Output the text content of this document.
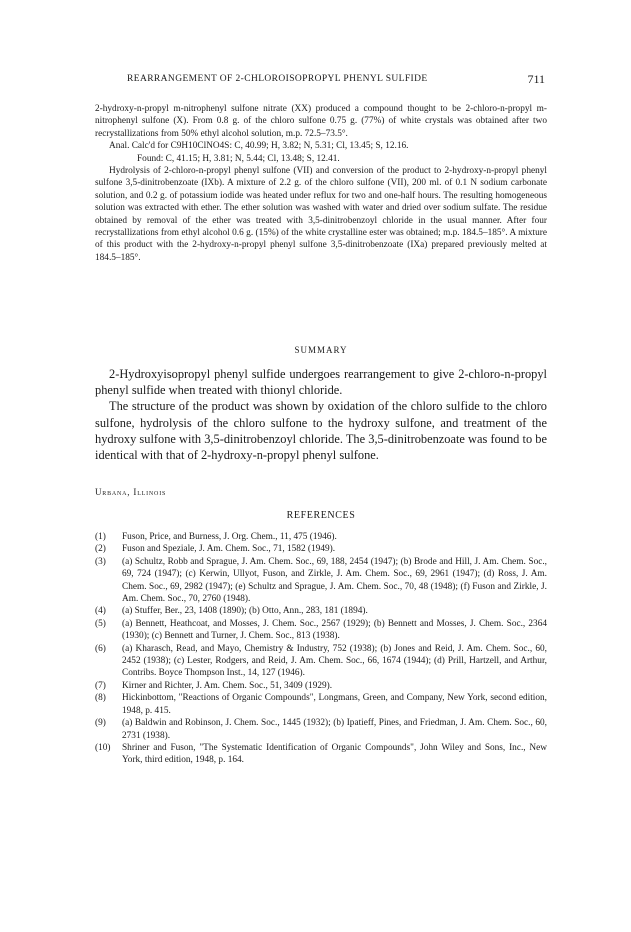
REARRANGEMENT OF 2-CHLOROISOPROPYL PHENYL SULFIDE	711

2-hydroxy-n-propyl m-nitrophenyl sulfone nitrate (XX) produced a compound thought to be 2-chloro-n-propyl m-nitrophenyl sulfone (X). From 0.8 g. of the chloro sulfone 0.75 g. (77%) of white crystals was obtained after two recrystallizations from 50% ethyl alcohol solution, m.p. 72.5–73.5°.

Anal. Calc'd for C9H10ClNO4S: C, 40.99; H, 3.82; N, 5.31; Cl, 13.45; S, 12.16.

Found: C, 41.15; H, 3.81; N, 5.44; Cl, 13.48; S, 12.41.

Hydrolysis of 2-chloro-n-propyl phenyl sulfone (VII) and conversion of the product to 2-hydroxy-n-propyl phenyl sulfone 3,5-dinitrobenzoate (IXb). A mixture of 2.2 g. of the chloro sulfone (VII), 200 ml. of 0.1 N sodium carbonate solution, and 0.2 g. of potassium iodide was heated under reflux for two and one-half hours. The resulting homogeneous solution was extracted with ether. The ether solution was washed with water and dried over sodium sulfate. The residue obtained by removal of the ether was treated with 3,5-dinitrobenzoyl chloride in the usual manner. After four recrystallizations from ethyl alcohol 0.6 g. (15%) of the white crystalline ester was obtained; m.p. 184.5–185°. A mixture of this product with the 2-hydroxy-n-propyl phenyl sulfone 3,5-dinitrobenzoate (IXa) prepared previously melted at 184.5–185°.

SUMMARY

2-Hydroxyisopropyl phenyl sulfide undergoes rearrangement to give 2-chloro-n-propyl phenyl sulfide when treated with thionyl chloride.

The structure of the product was shown by oxidation of the chloro sulfide to the chloro sulfone, hydrolysis of the chloro sulfone to the hydroxy sulfone, and treatment of the hydroxy sulfone with 3,5-dinitrobenzoyl chloride. The 3,5-dinitrobenzoate was found to be identical with that of 2-hydroxy-n-propyl phenyl sulfone.

Urbana, Illinois
REFERENCES
(1)	Fuson, Price, and Burness, J. Org. Chem., 11, 475 (1946).
(2)	Fuson and Speziale, J. Am. Chem. Soc., 71, 1582 (1949).
(3)	(a) Schultz, Robb and Sprague, J. Am. Chem. Soc., 69, 188, 2454 (1947); (b) Brode and Hill, J. Am. Chem. Soc., 69, 724 (1947); (c) Kerwin, Ullyot, Fuson, and Zirkle, J. Am. Chem. Soc., 69, 2961 (1947); (d) Ross, J. Am. Chem. Soc., 69, 2982 (1947); (e) Schultz and Sprague, J. Am. Chem. Soc., 70, 48 (1948); (f) Fuson and Zirkle, J. Am. Chem. Soc., 70, 2760 (1948).
(4)	(a) Stuffer, Ber., 23, 1408 (1890); (b) Otto, Ann., 283, 181 (1894).
(5)	(a) Bennett, Heathcoat, and Mosses, J. Chem. Soc., 2567 (1929); (b) Bennett and Mosses, J. Chem. Soc., 2364 (1930); (c) Bennett and Turner, J. Chem. Soc., 813 (1938).
(6)	(a) Kharasch, Read, and Mayo, Chemistry & Industry, 752 (1938); (b) Jones and Reid, J. Am. Chem. Soc., 60, 2452 (1938); (c) Lester, Rodgers, and Reid, J. Am. Chem. Soc., 66, 1674 (1944); (d) Prill, Hartzell, and Arthur, Contribs. Boyce Thompson Inst., 14, 127 (1946).
(7)	Kirner and Richter, J. Am. Chem. Soc., 51, 3409 (1929).
(8)	Hickinbottom, "Reactions of Organic Compounds", Longmans, Green, and Company, New York, second edition, 1948, p. 415.
(9)	(a) Baldwin and Robinson, J. Chem. Soc., 1445 (1932); (b) Ipatieff, Pines, and Friedman, J. Am. Chem. Soc., 60, 2731 (1938).
(10)	Shriner and Fuson, "The Systematic Identification of Organic Compounds", John Wiley and Sons, Inc., New York, third edition, 1948, p. 164.
